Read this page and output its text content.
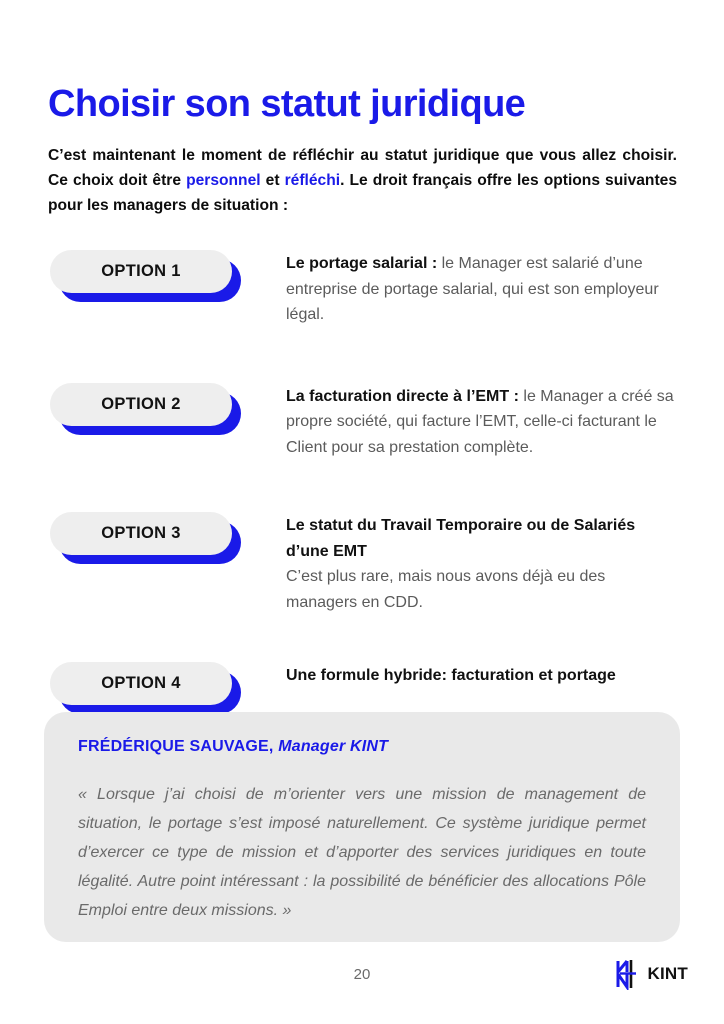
Choisir son statut juridique

C’est maintenant le moment de réfléchir au statut juridique que vous allez choisir. Ce choix doit être personnel et réfléchi. Le droit français offre les options suivantes pour les managers de situation :

OPTION 1	Le portage salarial : le Manager est salarié d’une entreprise de portage salarial, qui est son employeur légal.
OPTION 2	La facturation directe à l’EMT : le Manager a créé sa propre société, qui facture l’EMT, celle-ci facturant le Client pour sa prestation complète.
OPTION 3	Le statut du Travail Temporaire ou de Salariés d’une EMT
C’est plus rare, mais nous avons déjà eu des managers en CDD.
OPTION 4	Une formule hybride: facturation et portage
FRÉDÉRIQUE SAUVAGE, Manager KINT

« Lorsque j’ai choisi de m’orienter vers une mission de management de situation, le portage s’est imposé naturellement. Ce système juridique permet d’exercer ce type de mission et d’apporter des services juridiques en toute légalité. Autre point intéressant : la possibilité de bénéficier des allocations Pôle Emploi entre deux missions. »

20	KINT
